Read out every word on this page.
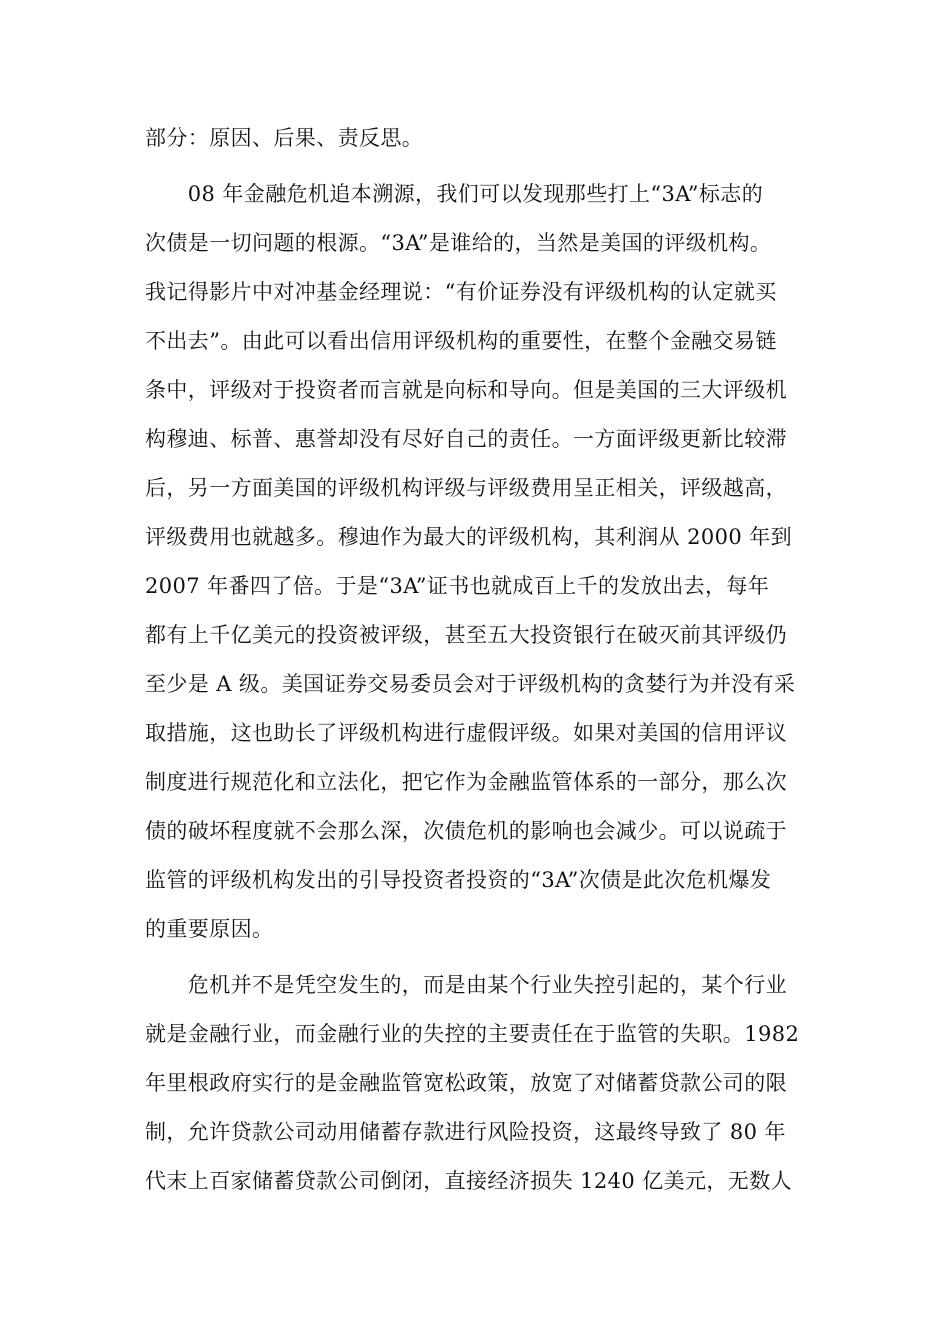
部分：原因、后果、责反思。
　　08 年金融危机追本溯源，我们可以发现那些打上“3A”标志的
次债是一切问题的根源。“3A”是谁给的，当然是美国的评级机构。
我记得影片中对冲基金经理说：“有价证券没有评级机构的认定就买
不出去”。由此可以看出信用评级机构的重要性，在整个金融交易链
条中，评级对于投资者而言就是向标和导向。但是美国的三大评级机
构穆迪、标普、惠誉却没有尽好自己的责任。一方面评级更新比较滞
后，另一方面美国的评级机构评级与评级费用呈正相关，评级越高，
评级费用也就越多。穆迪作为最大的评级机构，其利润从 2000 年到
2007 年番四了倍。于是“3A”证书也就成百上千的发放出去，每年
都有上千亿美元的投资被评级，甚至五大投资银行在破灭前其评级仍
至少是 A 级。美国证券交易委员会对于评级机构的贪婪行为并没有采
取措施，这也助长了评级机构进行虚假评级。如果对美国的信用评议
制度进行规范化和立法化，把它作为金融监管体系的一部分，那么次
债的破坏程度就不会那么深，次债危机的影响也会减少。可以说疏于
监管的评级机构发出的引导投资者投资的“3A”次债是此次危机爆发
的重要原因。
　　危机并不是凭空发生的，而是由某个行业失控引起的，某个行业
就是金融行业，而金融行业的失控的主要责任在于监管的失职。1982
年里根政府实行的是金融监管宽松政策，放宽了对储蓄贷款公司的限
制，允许贷款公司动用储蓄存款进行风险投资，这最终导致了 80 年
代末上百家储蓄贷款公司倒闭，直接经济损失 1240 亿美元，无数人
